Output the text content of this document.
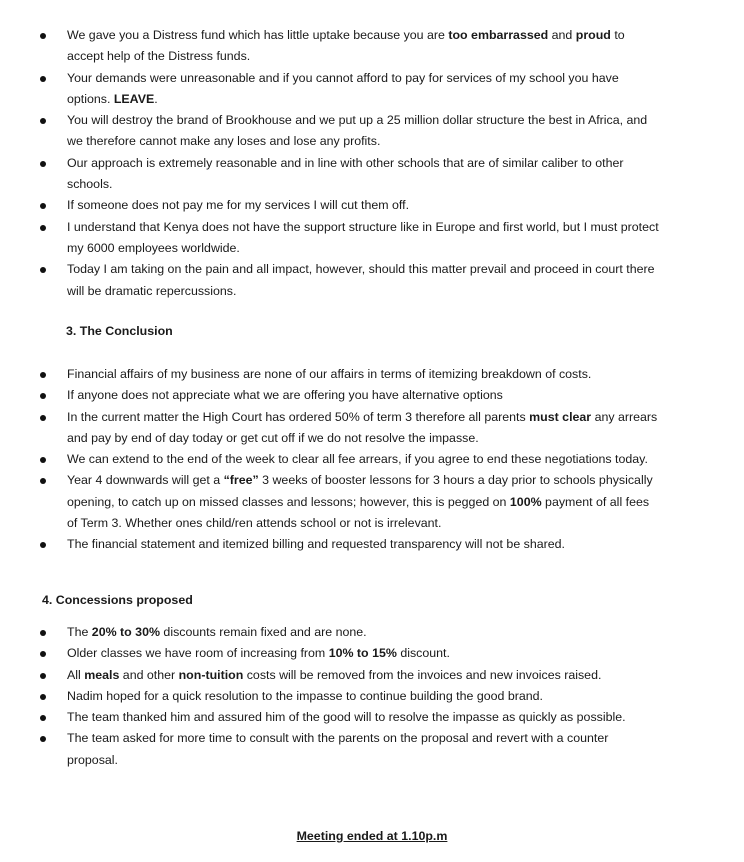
We gave you a Distress fund which has little uptake because you are too embarrassed and proud to accept help of the Distress funds.
Your demands were unreasonable and if you cannot afford to pay for services of my school you have options. LEAVE.
You will destroy the brand of Brookhouse and we put up a 25 million dollar structure the best in Africa, and we therefore cannot make any loses and lose any profits.
Our approach is extremely reasonable and in line with other schools that are of similar caliber to other schools.
If someone does not pay me for my services I will cut them off.
I understand that Kenya does not have the support structure like in Europe and first world, but I must protect my 6000 employees worldwide.
Today I am taking on the pain and all impact, however, should this matter prevail and proceed in court there will be dramatic repercussions.
3. The Conclusion
Financial affairs of my business are none of our affairs in terms of itemizing breakdown of costs.
If anyone does not appreciate what we are offering you have alternative options
In the current matter the High Court has ordered 50% of term 3 therefore all parents must clear any arrears and pay by end of day today or get cut off if we do not resolve the impasse.
We can extend to the end of the week to clear all fee arrears, if you agree to end these negotiations today.
Year 4 downwards will get a “free” 3 weeks of booster lessons for 3 hours a day prior to schools physically opening, to catch up on missed classes and lessons; however, this is pegged on 100% payment of all fees of Term 3. Whether ones child/ren attends school or not is irrelevant.
The financial statement and itemized billing and requested transparency will not be shared.
4. Concessions proposed
The 20% to 30% discounts remain fixed and are none.
Older classes we have room of increasing from 10% to 15% discount.
All meals and other non-tuition costs will be removed from the invoices and new invoices raised.
Nadim hoped for a quick resolution to the impasse to continue building the good brand.
The team thanked him and assured him of the good will to resolve the impasse as quickly as possible.
The team asked for more time to consult with the parents on the proposal and revert with a counter proposal.
Meeting ended at 1.10p.m
